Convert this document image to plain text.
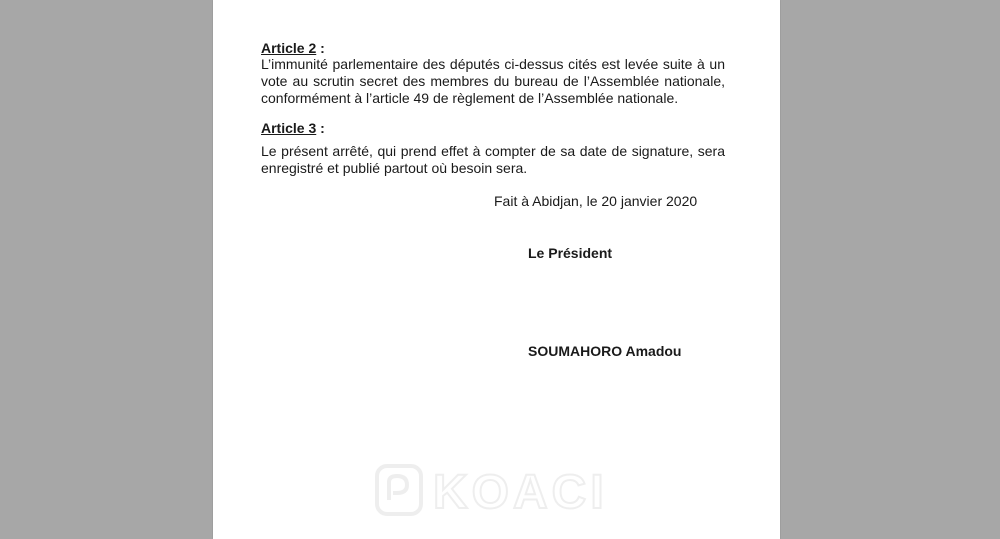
Article 2 :
L’immunité parlementaire des députés ci-dessus cités est levée suite à un
vote au scrutin secret des membres du bureau de l’Assemblée nationale,
conformément à l’article 49 de règlement de l’Assemblée nationale.
Article 3 :
Le présent arrêté, qui prend effet à compter de sa date de signature, sera
enregistré et publié partout où besoin sera.
Fait à Abidjan, le 20 janvier 2020
Le Président
SOUMAHORO Amadou
KOACI
